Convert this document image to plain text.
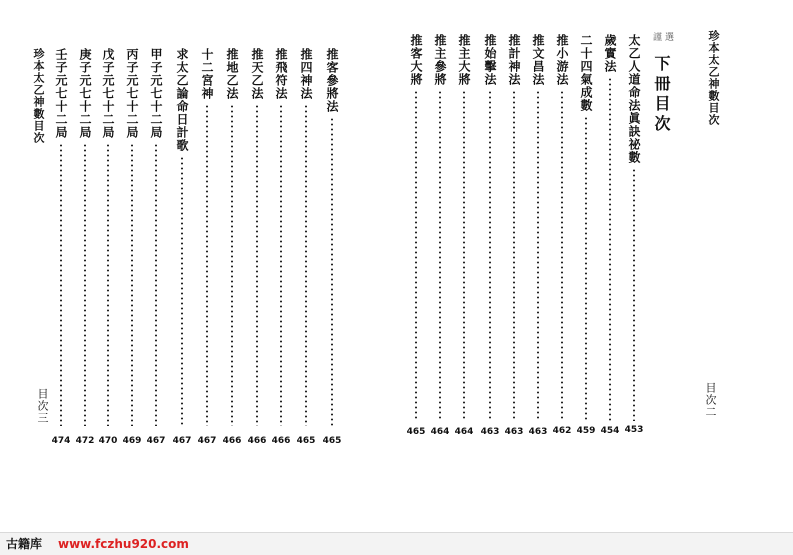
珍本太乙神數目次
目次三
推客參將法
推四神法
推飛符法
推天乙法
推地乙法
十二宮神
求太乙論命日計歌
甲子元七十二局
丙子元七十二局
戊子元七十二局
庚子元七十二局
壬子元七十二局
465
465
466
466
466
467
467
467
469
470
472
474
珍本太乙神數目次
下冊目次
謹 選
目次二
太乙人道命法眞訣祕數
歲實法
二十四氣成數
推小游法
推文昌法
推計神法
推始擊法
推主大將
推主參將
推客大將
453
454
459
462
463
463
463
464
464
465
古籍库 www.fczhu920.com
